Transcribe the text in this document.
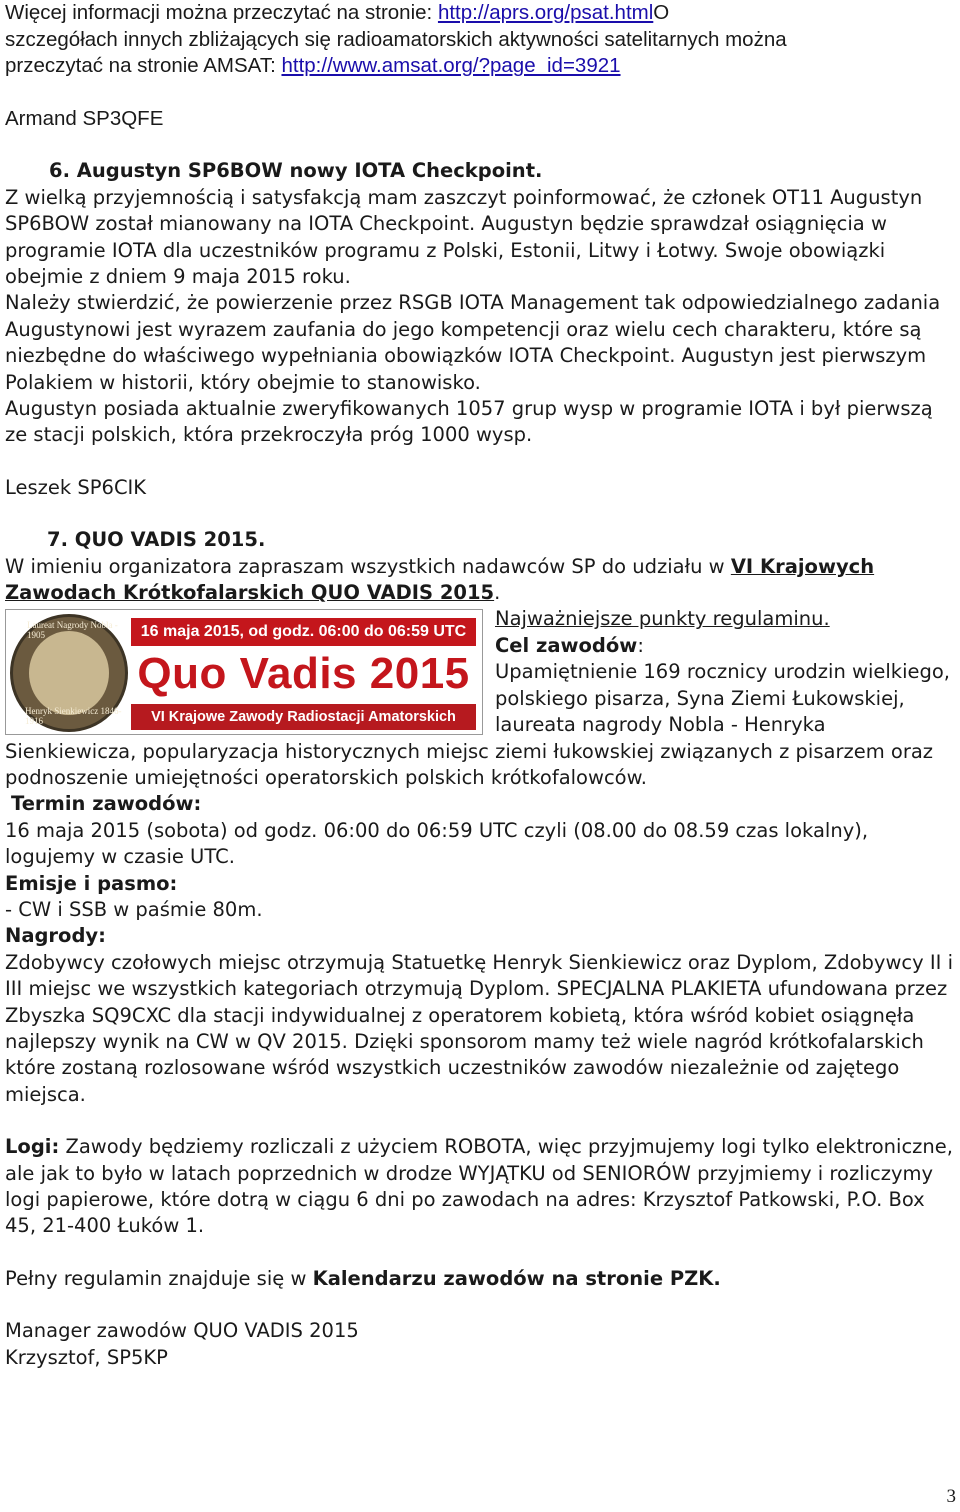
Więcej informacji można przeczytać na stronie: http://aprs.org/psat.htmlO

szczegółach innych zbliżających się radioamatorskich aktywności satelitarnych można

przeczytać na stronie AMSAT: http://www.amsat.org/?page_id=3921

Armand SP3QFE

6. Augustyn SP6BOW nowy IOTA Checkpoint.

Z wielką przyjemnością i satysfakcją mam zaszczyt poinformować, że członek OT11 Augustyn SP6BOW został mianowany na IOTA Checkpoint. Augustyn będzie sprawdzał osiągnięcia w programie IOTA dla uczestników programu z Polski, Estonii, Litwy i Łotwy. Swoje obowiązki obejmie z dniem 9 maja 2015 roku.

Należy stwierdzić, że powierzenie przez RSGB IOTA Management tak odpowiedzialnego zadania Augustynowi jest wyrazem zaufania do jego kompetencji oraz wielu cech charakteru, które są niezbędne do właściwego wypełniania obowiązków IOTA Checkpoint. Augustyn jest pierwszym Polakiem w historii, który obejmie to stanowisko.

Augustyn posiada aktualnie zweryfikowanych 1057 grup wysp w programie IOTA i był pierwszą ze stacji polskich, która przekroczyła próg 1000 wysp.

Leszek SP6CIK

7. QUO VADIS 2015.

W imieniu organizatora zapraszam wszystkich nadawców SP do udziału w VI Krajowych Zawodach Krótkofalarskich QUO VADIS 2015.

Laureat Nagrody Nobla - 1905
Henryk Sienkiewicz 1846-1916
16 maja 2015, od godz. 06:00 do 06:59 UTC
Quo Vadis 2015
VI Krajowe Zawody Radiostacji Amatorskich

Najważniejsze punkty regulaminu.

Cel zawodów:

Upamiętnienie 169 rocznicy urodzin wielkiego, polskiego pisarza, Syna Ziemi Łukowskiej, laureata nagrody Nobla - Henryka Sienkiewicza, popularyzacja historycznych miejsc ziemi łukowskiej związanych z pisarzem oraz podnoszenie umiejętności operatorskich polskich krótkofalowców.

Termin zawodów:

16 maja 2015 (sobota) od godz. 06:00 do 06:59 UTC czyli (08.00 do 08.59 czas lokalny), logujemy w czasie UTC.

Emisje i pasmo:

- CW i SSB w paśmie 80m.

Nagrody:

Zdobywcy czołowych miejsc otrzymują Statuetkę Henryk Sienkiewicz oraz Dyplom, Zdobywcy II i III miejsc we wszystkich kategoriach otrzymują Dyplom. SPECJALNA PLAKIETA ufundowana przez Zbyszka SQ9CXC dla stacji indywidualnej z operatorem kobietą, która wśród kobiet osiągnęła najlepszy wynik na CW w QV 2015. Dzięki sponsorom mamy też wiele nagród krótkofalarskich które zostaną rozlosowane wśród wszystkich uczestników zawodów niezależnie od zajętego miejsca.

Logi: Zawody będziemy rozliczali z użyciem ROBOTA, więc przyjmujemy logi tylko elektroniczne, ale jak to było w latach poprzednich w drodze WYJĄTKU od SENIORÓW przyjmiemy i rozliczymy logi papierowe, które dotrą w ciągu 6 dni po zawodach na adres: Krzysztof Patkowski, P.O. Box 45, 21-400 Łuków 1.

Pełny regulamin znajduje się w Kalendarzu zawodów na stronie PZK.

Manager zawodów QUO VADIS 2015

Krzysztof, SP5KP

3
